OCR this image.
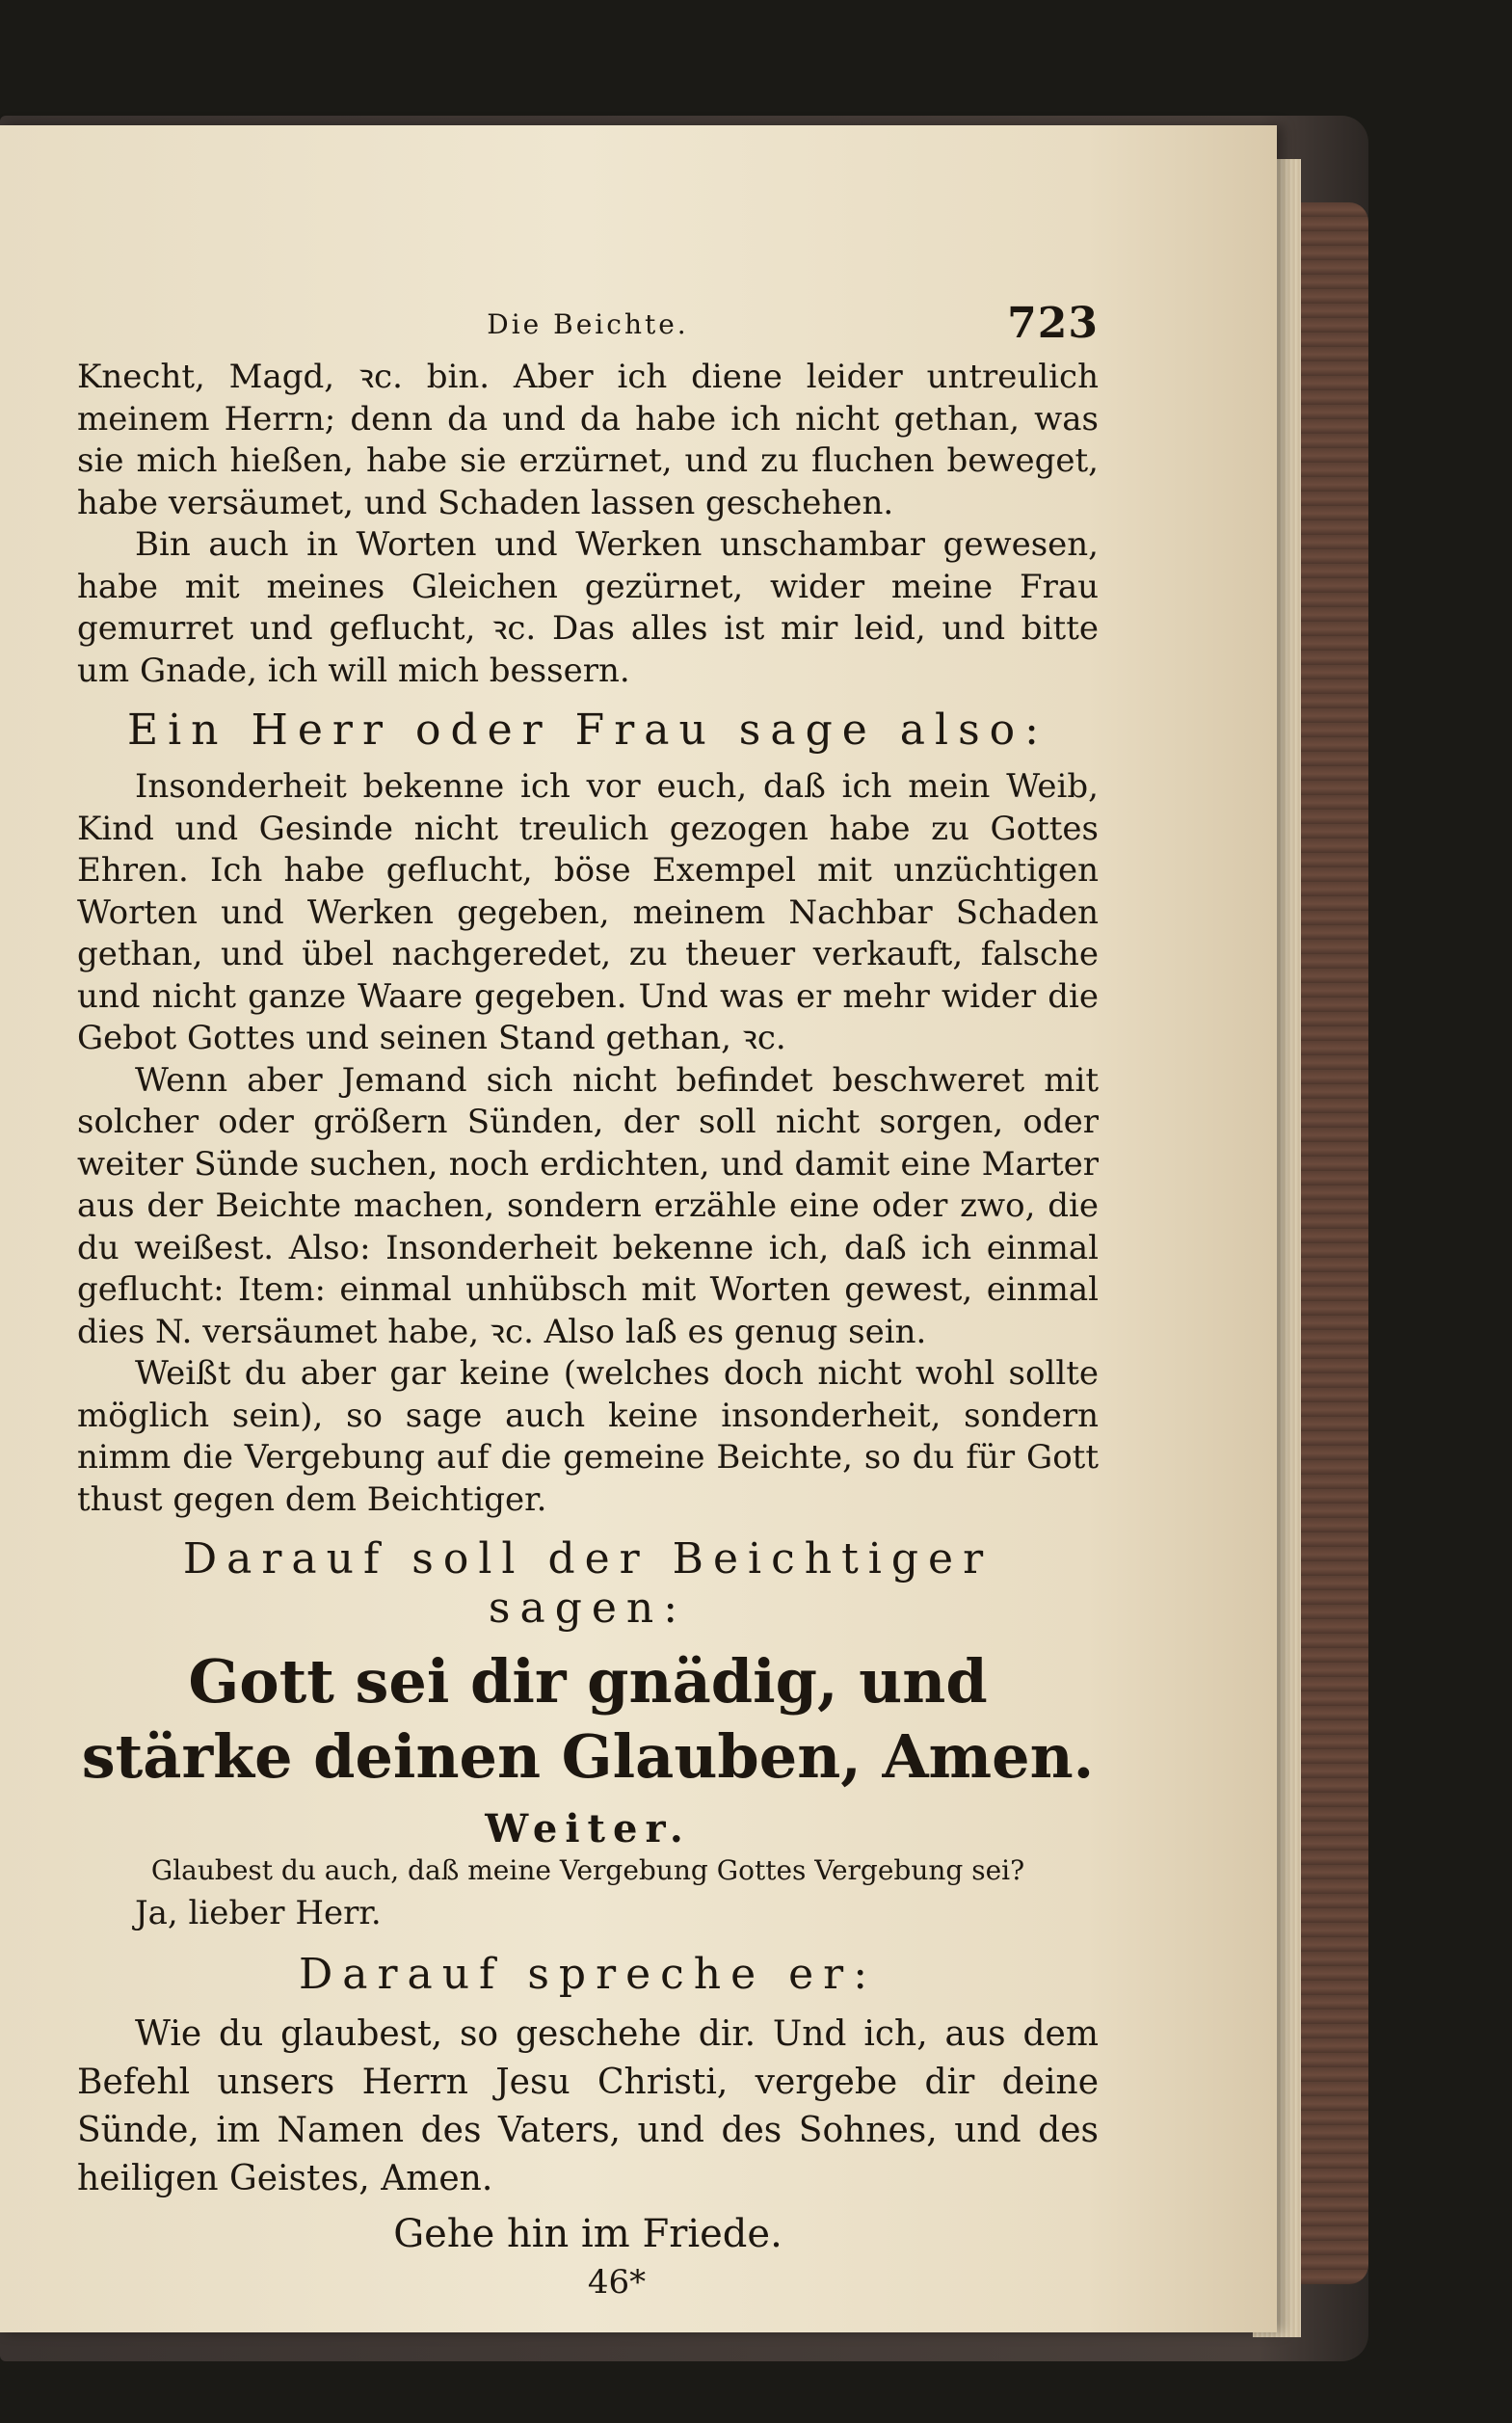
Die Beichte.	723

Knecht, Magd, ꝛc. bin. Aber ich diene leider untreulich meinem Herrn; denn da und da habe ich nicht gethan, was sie mich hießen, habe sie erzürnet, und zu fluchen beweget, habe versäumet, und Schaden lassen geschehen.

Bin auch in Worten und Werken unschambar gewesen, habe mit meines Gleichen gezürnet, wider meine Frau gemurret und geflucht, ꝛc. Das alles ist mir leid, und bitte um Gnade, ich will mich bessern.

Ein Herr oder Frau sage also:

Insonderheit bekenne ich vor euch, daß ich mein Weib, Kind und Gesinde nicht treulich gezogen habe zu Gottes Ehren. Ich habe geflucht, böse Exempel mit unzüchtigen Worten und Werken gegeben, meinem Nachbar Schaden gethan, und übel nachgeredet, zu theuer verkauft, falsche und nicht ganze Waare gegeben. Und was er mehr wider die Gebot Gottes und seinen Stand gethan, ꝛc.

Wenn aber Jemand sich nicht befindet beschweret mit solcher oder größern Sünden, der soll nicht sorgen, oder weiter Sünde suchen, noch erdichten, und damit eine Marter aus der Beichte machen, sondern erzähle eine oder zwo, die du weißest. Also: Insonderheit bekenne ich, daß ich einmal geflucht: Item: einmal unhübsch mit Worten gewest, einmal dies N. versäumet habe, ꝛc. Also laß es genug sein.

Weißt du aber gar keine (welches doch nicht wohl sollte möglich sein), so sage auch keine insonderheit, sondern nimm die Vergebung auf die gemeine Beichte, so du für Gott thust gegen dem Beichtiger.

Darauf soll der Beichtiger sagen:

Gott sei dir gnädig, und stärke deinen Glauben, Amen.

Weiter.

Glaubest du auch, daß meine Vergebung Gottes Vergebung sei?

Ja, lieber Herr.

Darauf spreche er:

Wie du glaubest, so geschehe dir. Und ich, aus dem Befehl unsers Herrn Jesu Christi, vergebe dir deine Sünde, im Namen des Vaters, und des Sohnes, und des heiligen Geistes, Amen.

Gehe hin im Friede.

46*
